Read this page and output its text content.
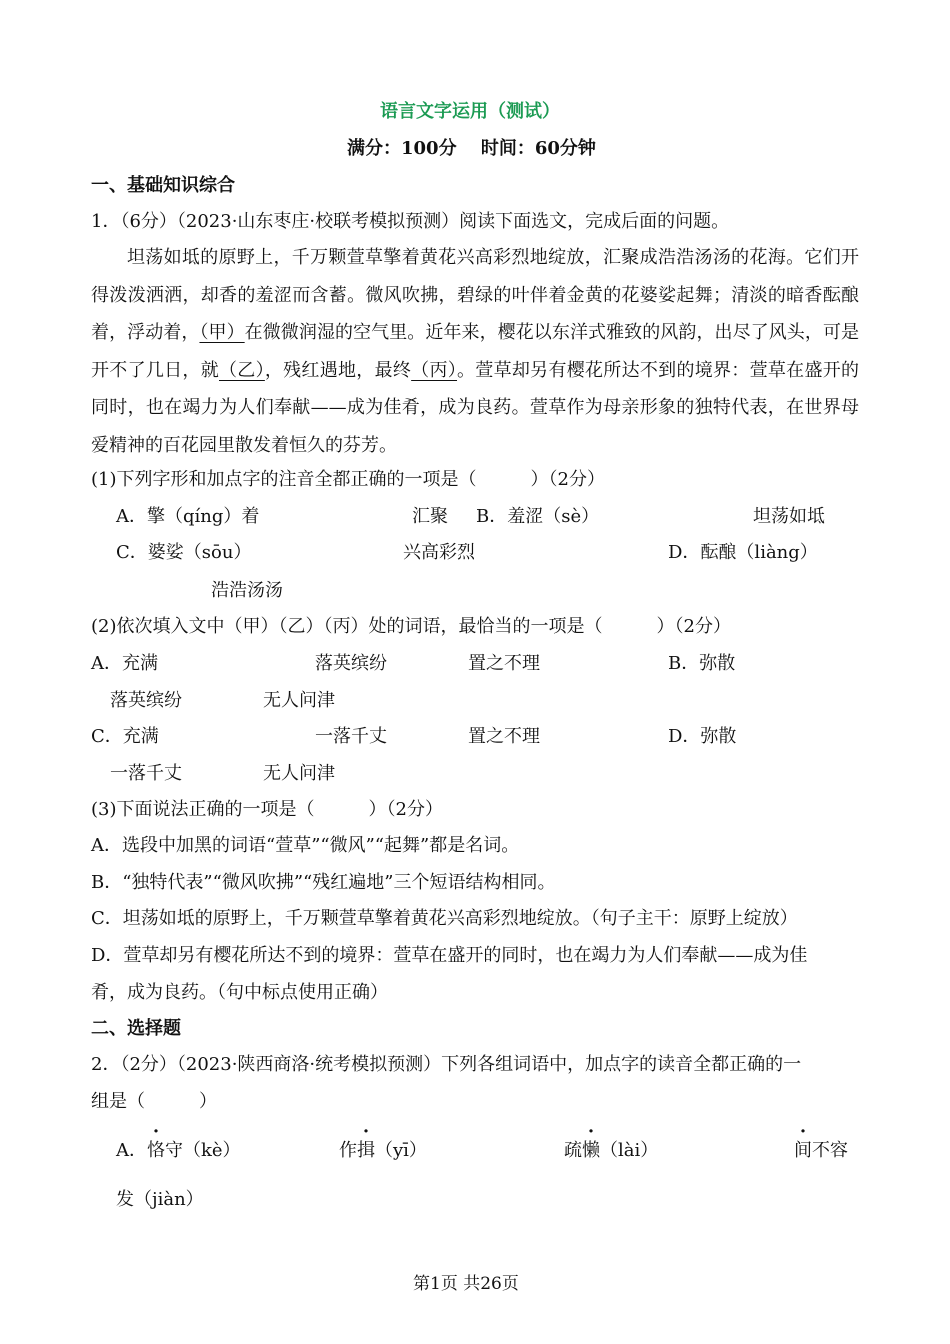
语言文字运用（测试）
满分：100分 　时间：60分钟
一、基础知识综合
1．（6分）（2023·山东枣庄·校联考模拟预测）阅读下面选文，完成后面的问题。
坦荡如坻的原野上，千万颗萱草擎着黄花兴高彩烈地绽放，汇聚成浩浩汤汤的花海。它们开得泼泼洒洒，却香的羞涩而含蓄。微风吹拂，碧绿的叶伴着金黄的花婆娑起舞；清淡的暗香酝酿着，浮动着，（甲）在微微润湿的空气里。近年来，樱花以东洋式雅致的风韵，出尽了风头，可是开不了几日，就（乙），残红遇地，最终（丙）。萱草却另有樱花所达不到的境界：萱草在盛开的同时，也在竭力为人们奉献——成为佳肴，成为良药。萱草作为母亲形象的独特代表，在世界母爱精神的百花园里散发着恒久的芬芳。
(1)下列字形和加点字的注音全都正确的一项是（　　　）（2分）
A．擎（qíng）着	汇聚 B．羞涩（sè）	坦荡如坻
C．婆娑（sōu）	兴高彩烈	D．酝酿（liàng）
浩浩汤汤
(2)依次填入文中（甲）（乙）（丙）处的词语，最恰当的一项是（　　　）（2分）
A．充满	落英缤纷	置之不理	B．弥散
落英缤纷	无人问津
C．充满	一落千丈	置之不理	D．弥散
一落千丈	无人问津
(3)下面说法正确的一项是（　　　）（2分）
A．选段中加黑的词语“萱草”“微风”“起舞”都是名词。
B．“独特代表”“微风吹拂”“残红遍地”三个短语结构相同。
C．坦荡如坻的原野上，千万颗萱草擎着黄花兴高彩烈地绽放。（句子主干：原野上绽放）
D．萱草却另有樱花所达不到的境界：萱草在盛开的同时，也在竭力为人们奉献——成为佳
肴，成为良药。（句中标点使用正确）
二、选择题
2．（2分）（2023·陕西商洛·统考模拟预测）下列各组词语中，加点字的读音全都正确的一
组是（　　　）
A．恪守（kè）	作揖（yī）	疏懒（lài）	间不容
发（jiàn）
第1页 共26页
